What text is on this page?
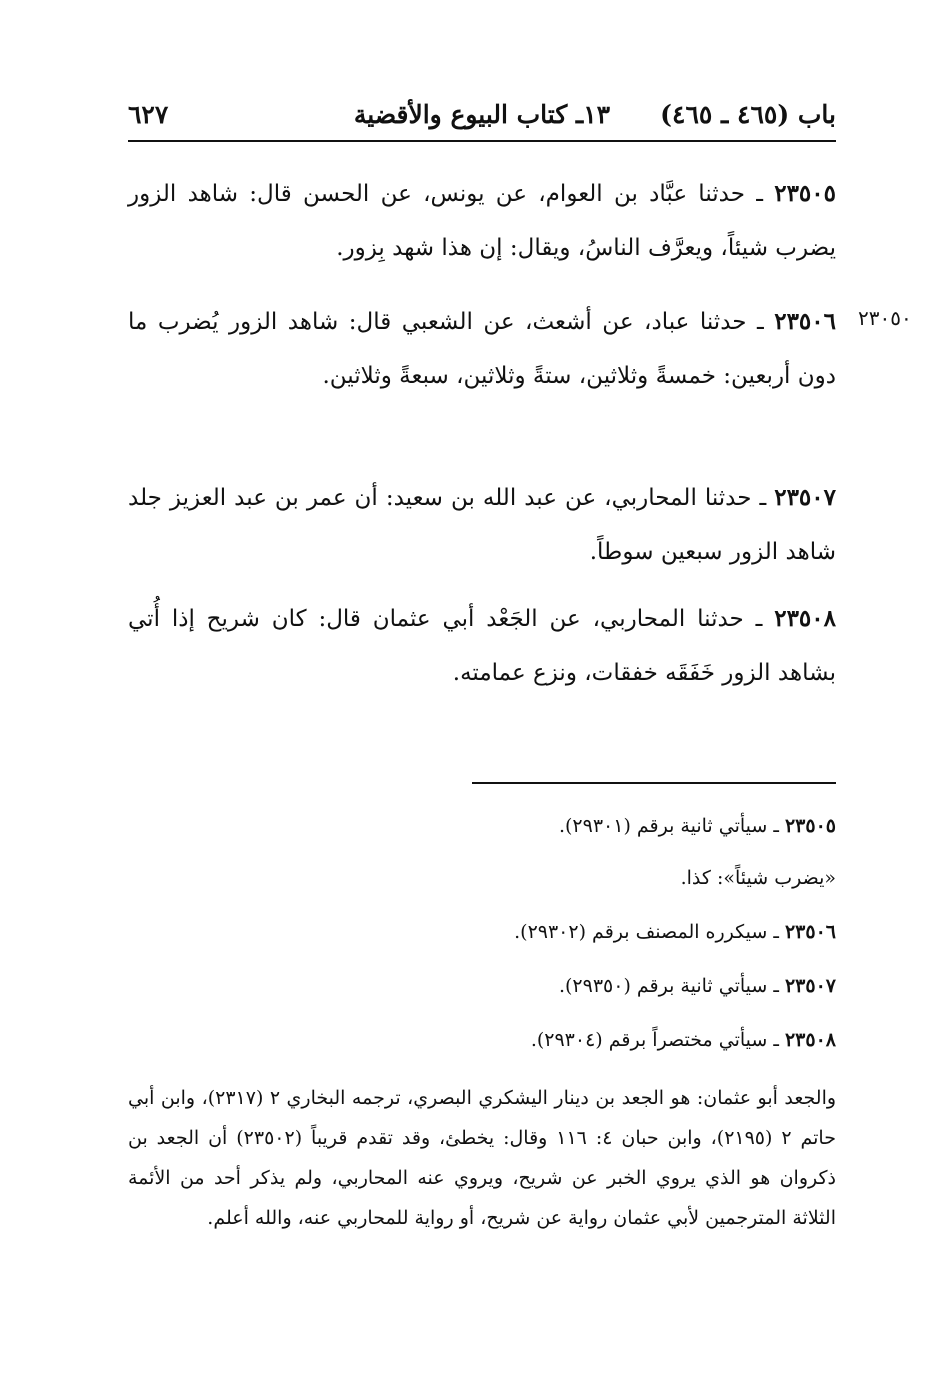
٦٢٧	١٣ـ كتاب البيوع والأقضية باب (٤٦٥ ـ ٤٦٥)
٢٣٠٥٠

٢٣٥٠٥ ـ حدثنا عبَّاد بن العوام، عن يونس، عن الحسن قال: شاهد الزور يضرب شيئاً، ويعرَّف الناسُ، ويقال: إن هذا شهد بِزور.

٢٣٥٠٦ ـ حدثنا عباد، عن أشعث، عن الشعبي قال: شاهد الزور يُضرب ما دون أربعين: خمسةً وثلاثين، ستةً وثلاثين، سبعةً وثلاثين.

٢٣٥٠٧ ـ حدثنا المحاربي، عن عبد الله بن سعيد: أن عمر بن عبد العزيز جلد شاهد الزور سبعين سوطاً.

٢٣٥٠٨ ـ حدثنا المحاربي، عن الجَعْد أبي عثمان قال: كان شريح إذا أُتي بشاهد الزور خَفَقَه خفقات، ونزع عمامته.

٢٣٥٠٥ ـ سيأتي ثانية برقم (٢٩٣٠١).
«يضرب شيئاً»: كذا.
٢٣٥٠٦ ـ سيكرره المصنف برقم (٢٩٣٠٢).
٢٣٥٠٧ ـ سيأتي ثانية برقم (٢٩٣٥٠).
٢٣٥٠٨ ـ سيأتي مختصراً برقم (٢٩٣٠٤).

والجعد أبو عثمان: هو الجعد بن دينار اليشكري البصري، ترجمه البخاري ٢ (٢٣١٧)، وابن أبي حاتم ٢ (٢١٩٥)، وابن حبان ٤: ١١٦ وقال: يخطئ، وقد تقدم قريباً (٢٣٥٠٢) أن الجعد بن ذكروان هو الذي يروي الخبر عن شريح، ويروي عنه المحاربي، ولم يذكر أحد من الأئمة الثلاثة المترجمين لأبي عثمان رواية عن شريح، أو رواية للمحاربي عنه، والله أعلم.
